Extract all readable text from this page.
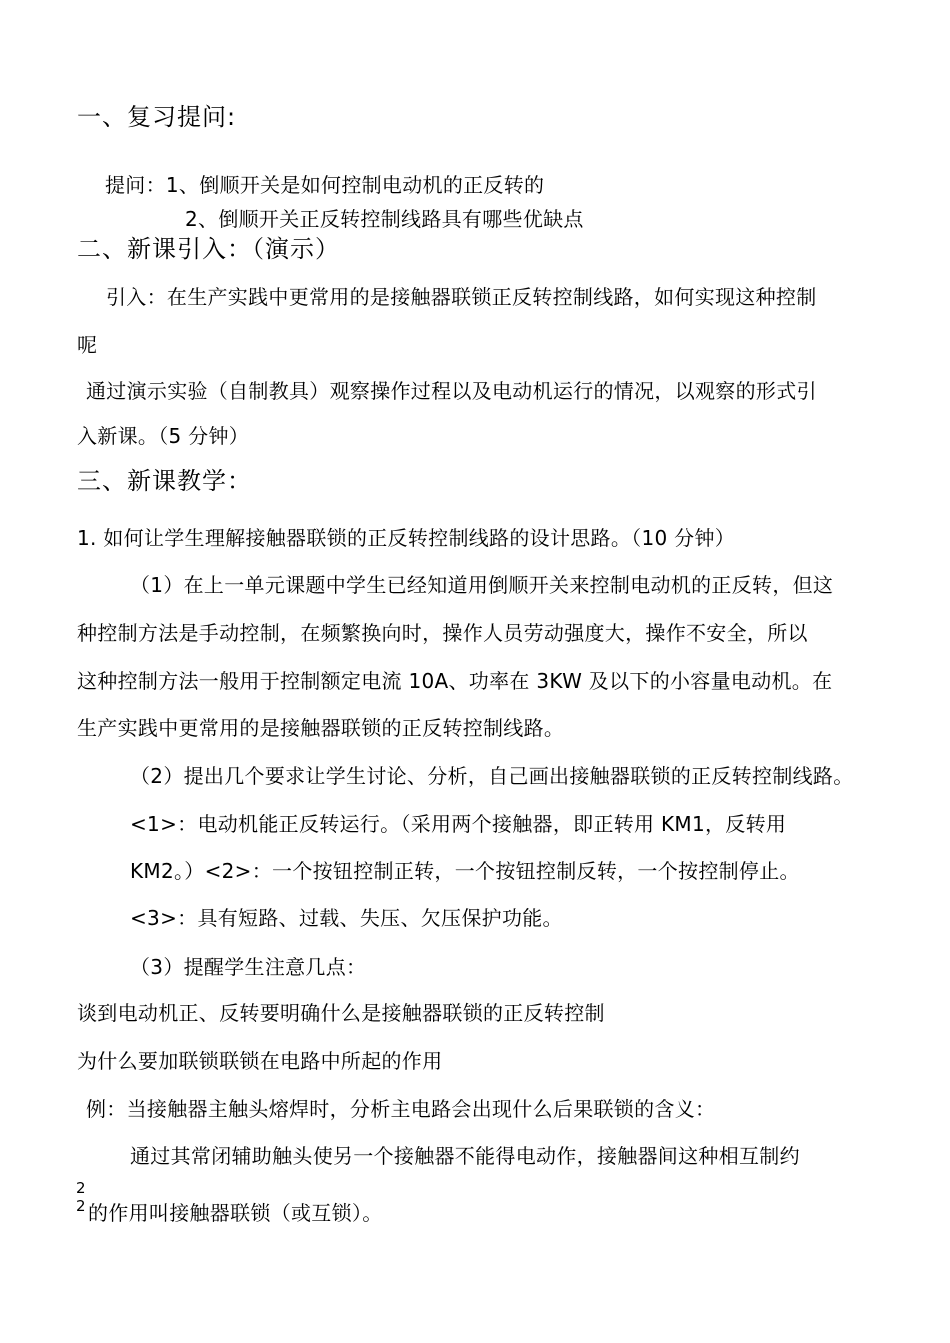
一、复习提问:
提问：1、倒顺开关是如何控制电动机的正反转的
2、倒顺开关正反转控制线路具有哪些优缺点
二、新课引入：（演示）
引入：在生产实践中更常用的是接触器联锁正反转控制线路，如何实现这种控制
呢
通过演示实验（自制教具）观察操作过程以及电动机运行的情况，以观察的形式引
入新课。（5 分钟）
三、新课教学：
1. 如何让学生理解接触器联锁的正反转控制线路的设计思路。（10 分钟）
（1）在上一单元课题中学生已经知道用倒顺开关来控制电动机的正反转，但这
种控制方法是手动控制，在频繁换向时，操作人员劳动强度大，操作不安全，所以
这种控制方法一般用于控制额定电流 10A、功率在 3KW 及以下的小容量电动机。在
生产实践中更常用的是接触器联锁的正反转控制线路。
（2）提出几个要求让学生讨论、分析，自己画出接触器联锁的正反转控制线路。
<1>：电动机能正反转运行。（采用两个接触器，即正转用 KM1，反转用
KM2。）<2>：一个按钮控制正转，一个按钮控制反转，一个按控制停止。
<3>：具有短路、过载、失压、欠压保护功能。
（3）提醒学生注意几点：
谈到电动机正、反转要明确什么是接触器联锁的正反转控制
为什么要加联锁联锁在电路中所起的作用
例：当接触器主触头熔焊时，分析主电路会出现什么后果联锁的含义：
通过其常闭辅助触头使另一个接触器不能得电动作，接触器间这种相互制约
2
2 的作用叫接触器联锁（或互锁）。
